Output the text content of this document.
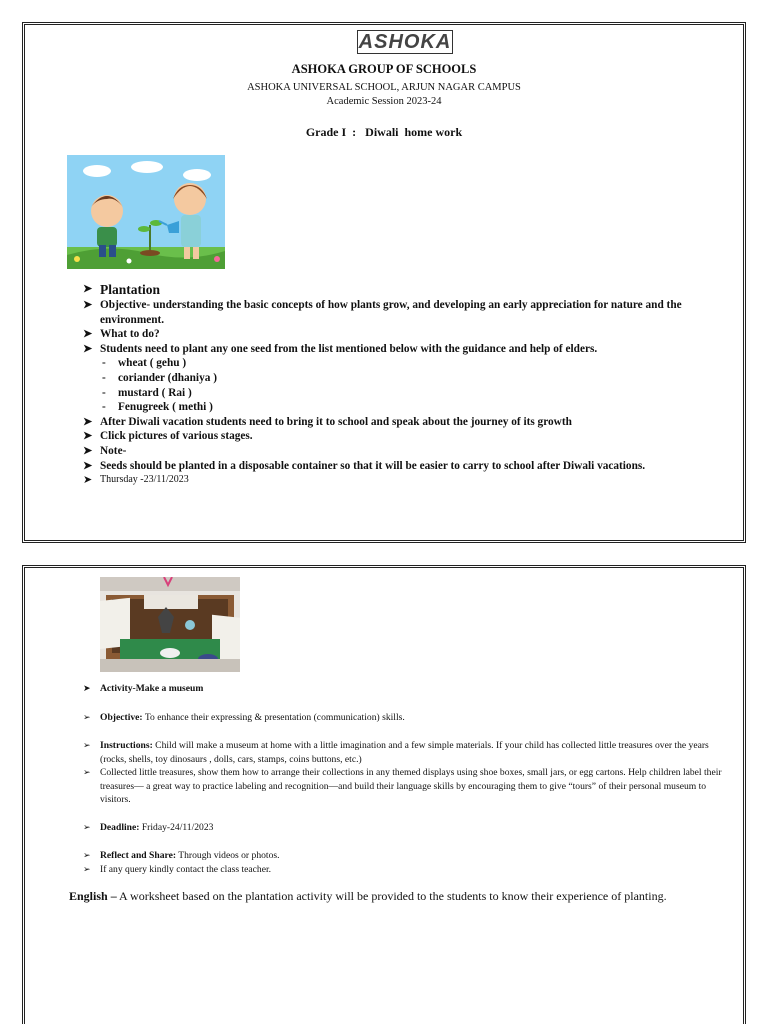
ASHOKA
ASHOKA GROUP OF SCHOOLS
ASHOKA UNIVERSAL SCHOOL, ARJUN NAGAR CAMPUS
Academic Session 2023-24
Grade I  :   Diwali  home work
➤ Plantation
➤ Objective- understanding the basic concepts of how plants grow, and developing an early appreciation for nature and the environment.
➤ What to do?
➤ Students need to plant any one seed from the list mentioned below with the guidance and help of elders.
-	wheat ( gehu )
-	coriander (dhaniya )
-	mustard ( Rai )
-	Fenugreek ( methi )
➤ After Diwali vacation students need to bring it to school and speak about the journey of its growth
➤ Click pictures of various stages.
➤ Note-
➤ Seeds should be planted in a disposable container so that it will be easier to carry to school after Diwali vacations.
➤ Thursday -23/11/2023
➤ Activity-Make a museum
➢ Objective: To enhance their expressing & presentation (communication) skills.
➢ Instructions: Child will make a museum at home with a little imagination and a few simple materials. If your child has collected little treasures over the years (rocks, shells, toy dinosaurs , dolls, cars, stamps, coins buttons, etc.)
➢ Collected little treasures, show them how to arrange their collections in any themed displays using shoe boxes, small jars, or egg cartons. Help children label their treasures— a great way to practice labeling and recognition—and build their language skills by encouraging them to give “tours” of their personal museum to visitors.
➢ Deadline: Friday-24/11/2023
➢ Reflect and Share: Through videos or photos.
➢ If any query kindly contact the class teacher.
English – A worksheet based on the plantation activity will be provided to the students to know their experience of planting.
